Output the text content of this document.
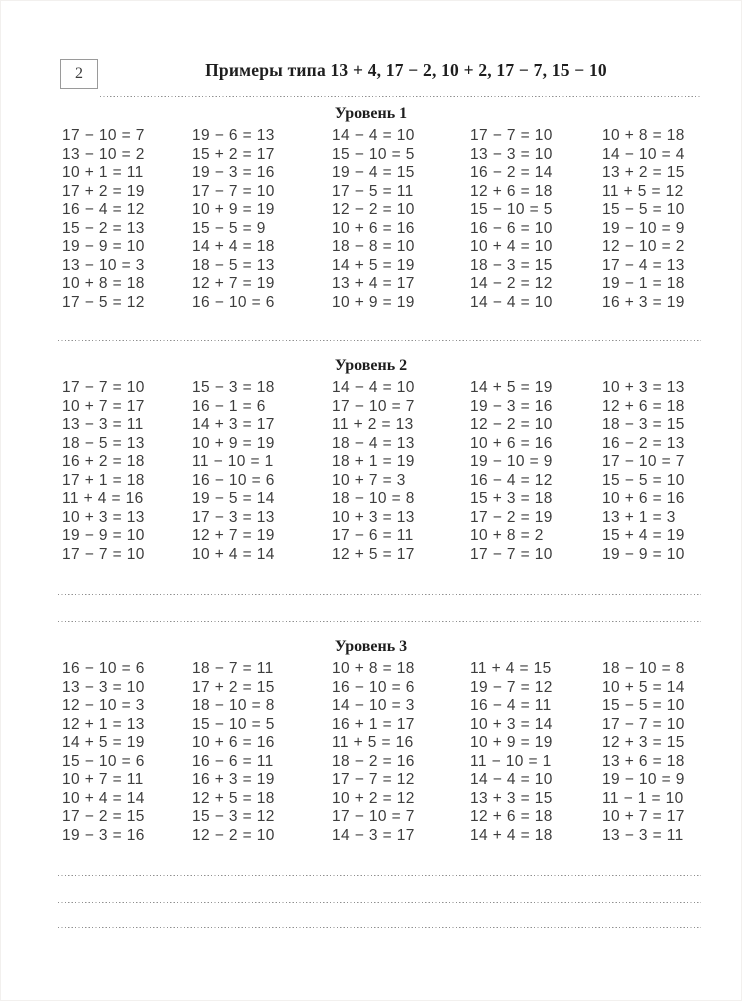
2	Примеры типа 13 + 4, 17 − 2, 10 + 2, 17 − 7, 15 − 10
Уровень 1
17 − 10 = 7
13 − 10 = 2
10 + 1 = 11
17 + 2 = 19
16 − 4 = 12
15 − 2 = 13
19 − 9 = 10
13 − 10 = 3
10 + 8 = 18
17 − 5 = 12
19 − 6 = 13
15 + 2 = 17
19 − 3 = 16
17 − 7 = 10
10 + 9 = 19
15 − 5 = 9
14 + 4 = 18
18 − 5 = 13
12 + 7 = 19
16 − 10 = 6
14 − 4 = 10
15 − 10 = 5
19 − 4 = 15
17 − 5 = 11
12 − 2 = 10
10 + 6 = 16
18 − 8 = 10
14 + 5 = 19
13 + 4 = 17
10 + 9 = 19
17 − 7 = 10
13 − 3 = 10
16 − 2 = 14
12 + 6 = 18
15 − 10 = 5
16 − 6 = 10
10 + 4 = 10
18 − 3 = 15
14 − 2 = 12
14 − 4 = 10
10 + 8 = 18
14 − 10 = 4
13 + 2 = 15
11 + 5 = 12
15 − 5 = 10
19 − 10 = 9
12 − 10 = 2
17 − 4 = 13
19 − 1 = 18
16 + 3 = 19
Уровень 2
17 − 7 = 10
10 + 7 = 17
13 − 3 = 11
18 − 5 = 13
16 + 2 = 18
17 + 1 = 18
11 + 4 = 16
10 + 3 = 13
19 − 9 = 10
17 − 7 = 10
15 − 3 = 18
16 − 1 = 6
14 + 3 = 17
10 + 9 = 19
11 − 10 = 1
16 − 10 = 6
19 − 5 = 14
17 − 3 = 13
12 + 7 = 19
10 + 4 = 14
14 − 4 = 10
17 − 10 = 7
11 + 2 = 13
18 − 4 = 13
18 + 1 = 19
10 + 7 = 3
18 − 10 = 8
10 + 3 = 13
17 − 6 = 11
12 + 5 = 17
14 + 5 = 19
19 − 3 = 16
12 − 2 = 10
10 + 6 = 16
19 − 10 = 9
16 − 4 = 12
15 + 3 = 18
17 − 2 = 19
10 + 8 = 2
17 − 7 = 10
10 + 3 = 13
12 + 6 = 18
18 − 3 = 15
16 − 2 = 13
17 − 10 = 7
15 − 5 = 10
10 + 6 = 16
13 + 1 = 3
15 + 4 = 19
19 − 9 = 10
Уровень 3
16 − 10 = 6
13 − 3 = 10
12 − 10 = 3
12 + 1 = 13
14 + 5 = 19
15 − 10 = 6
10 + 7 = 11
10 + 4 = 14
17 − 2 = 15
19 − 3 = 16
18 − 7 = 11
17 + 2 = 15
18 − 10 = 8
15 − 10 = 5
10 + 6 = 16
16 − 6 = 11
16 + 3 = 19
12 + 5 = 18
15 − 3 = 12
12 − 2 = 10
10 + 8 = 18
16 − 10 = 6
14 − 10 = 3
16 + 1 = 17
11 + 5 = 16
18 − 2 = 16
17 − 7 = 12
10 + 2 = 12
17 − 10 = 7
14 − 3 = 17
11 + 4 = 15
19 − 7 = 12
16 − 4 = 11
10 + 3 = 14
10 + 9 = 19
11 − 10 = 1
14 − 4 = 10
13 + 3 = 15
12 + 6 = 18
14 + 4 = 18
18 − 10 = 8
10 + 5 = 14
15 − 5 = 10
17 − 7 = 10
12 + 3 = 15
13 + 6 = 18
19 − 10 = 9
11 − 1 = 10
10 + 7 = 17
13 − 3 = 11
